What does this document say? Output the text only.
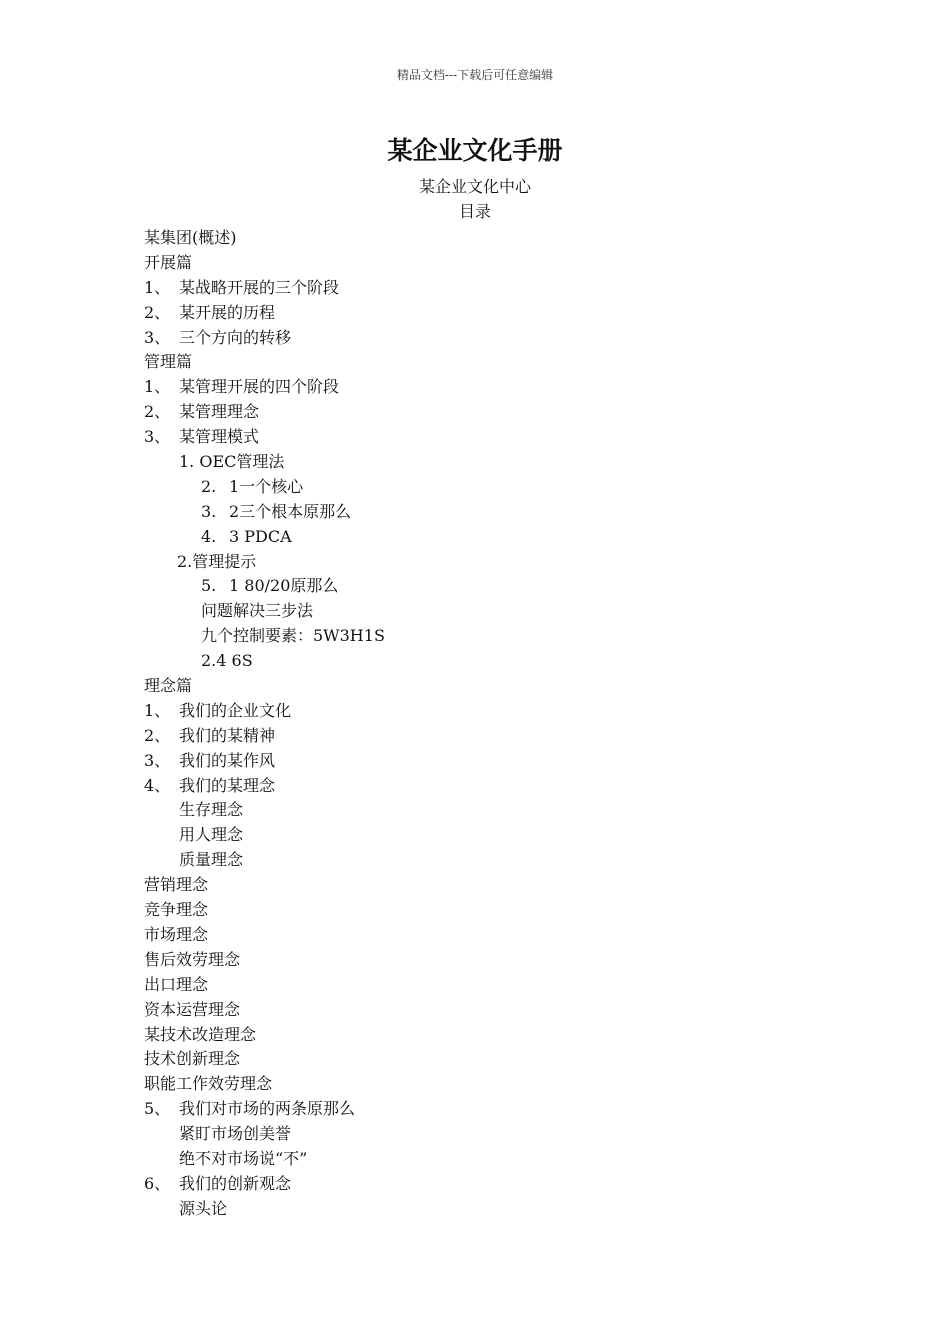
精品文档---下载后可任意编辑
某企业文化手册
某企业文化中心
目录
某集团(概述)
开展篇
1、 某战略开展的三个阶段
2、 某开展的历程
3、 三个方向的转移
管理篇
1、 某管理开展的四个阶段
2、 某管理理念
3、 某管理模式
1. OEC管理法
2. 1一个核心
3. 2三个根本原那么
4. 3 PDCA
2.管理提示
5. 1 80/20原那么
问题解决三步法
九个控制要素：5W3H1S
2.4 6S
理念篇
1、 我们的企业文化
2、 我们的某精神
3、 我们的某作风
4、 我们的某理念
生存理念
用人理念
质量理念
营销理念
竞争理念
市场理念
售后效劳理念
出口理念
资本运营理念
某技术改造理念
技术创新理念
职能工作效劳理念
5、 我们对市场的两条原那么
紧盯市场创美誉
绝不对市场说“不”
6、 我们的创新观念
源头论
